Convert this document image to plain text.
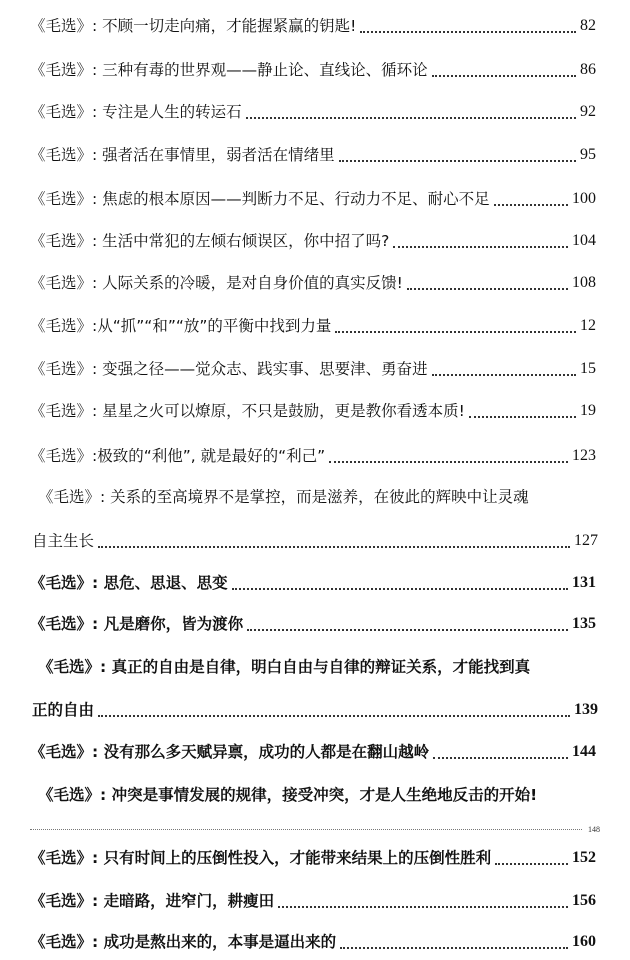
《毛选》: 不顾一切走向痛，才能握紧赢的钥匙!	82
《毛选》: 三种有毒的世界观——静止论、直线论、循环论	86
《毛选》: 专注是人生的转运石	92
《毛选》: 强者活在事情里，弱者活在情绪里	95
《毛选》: 焦虑的根本原因——判断力不足、行动力不足、耐心不足	100
《毛选》: 生活中常犯的左倾右倾误区，你中招了吗?	104
《毛选》: 人际关系的冷暖，是对自身价值的真实反馈!	108
《毛选》:从“抓”“和”“放”的平衡中找到力量	12
《毛选》: 变强之径——觉众志、践实事、思要津、勇奋进	15
《毛选》: 星星之火可以燎原，不只是鼓励，更是教你看透本质!	19
《毛选》:极致的“利他”, 就是最好的“利己”	123
《毛选》: 关系的至高境界不是掌控，而是滋养，在彼此的辉映中让灵魂
自主生长	127
《毛选》: 思危、思退、思变	131
《毛选》: 凡是磨你，皆为渡你	135
《毛选》: 真正的自由是自律，明白自由与自律的辩证关系，才能找到真
正的自由	139
《毛选》: 没有那么多天赋异禀，成功的人都是在翻山越岭	144
《毛选》: 冲突是事情发展的规律，接受冲突，才是人生绝地反击的开始!
148
《毛选》: 只有时间上的压倒性投入，才能带来结果上的压倒性胜利	152
《毛选》: 走暗路，进窄门，耕瘦田	156
《毛选》: 成功是熬出来的，本事是逼出来的	160
